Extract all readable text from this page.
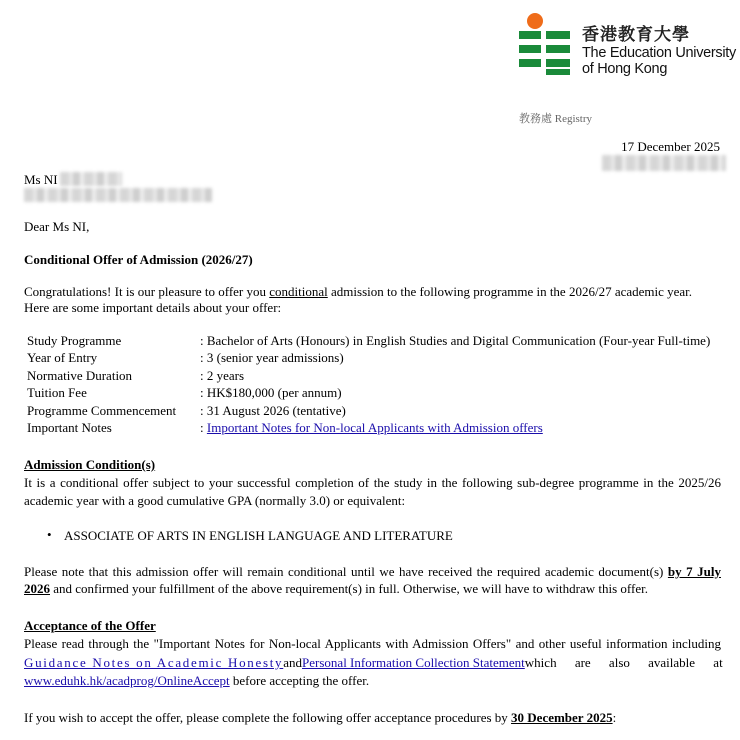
香港教育大學
The Education University
of Hong Kong
教務處 Registry
17 December 2025
Ms NI
Dear Ms NI,
Conditional Offer of Admission (2026/27)
Congratulations! It is our pleasure to offer you conditional admission to the following programme in the 2026/27 academic year.
Here are some important details about your offer:
Study Programme	: Bachelor of Arts (Honours) in English Studies and Digital Communication (Four-year Full-time)
Year of Entry	: 3 (senior year admissions)
Normative Duration	: 2 years
Tuition Fee	: HK$180,000 (per annum)
Programme Commencement : 31 August 2026 (tentative)
Important Notes	: Important Notes for Non-local Applicants with Admission offers
Admission Condition(s)
It is a conditional offer subject to your successful completion of the study in the following sub-degree programme in the 2025/26
academic year with a good cumulative GPA (normally 3.0) or equivalent:
• ASSOCIATE OF ARTS IN ENGLISH LANGUAGE AND LITERATURE
Please note that this admission offer will remain conditional until we have received the required academic document(s) by 7 July
2026 and confirmed your fulfillment of the above requirement(s) in full. Otherwise, we will have to withdraw this offer.
Acceptance of the Offer
Please read through the "Important Notes for Non-local Applicants with Admission Offers" and other useful information including
Guidance Notes on Academic Honesty and Personal Information Collection Statement which are also available at
www.eduhk.hk/acadprog/OnlineAccept before accepting the offer.
If you wish to accept the offer, please complete the following offer acceptance procedures by 30 December 2025:
